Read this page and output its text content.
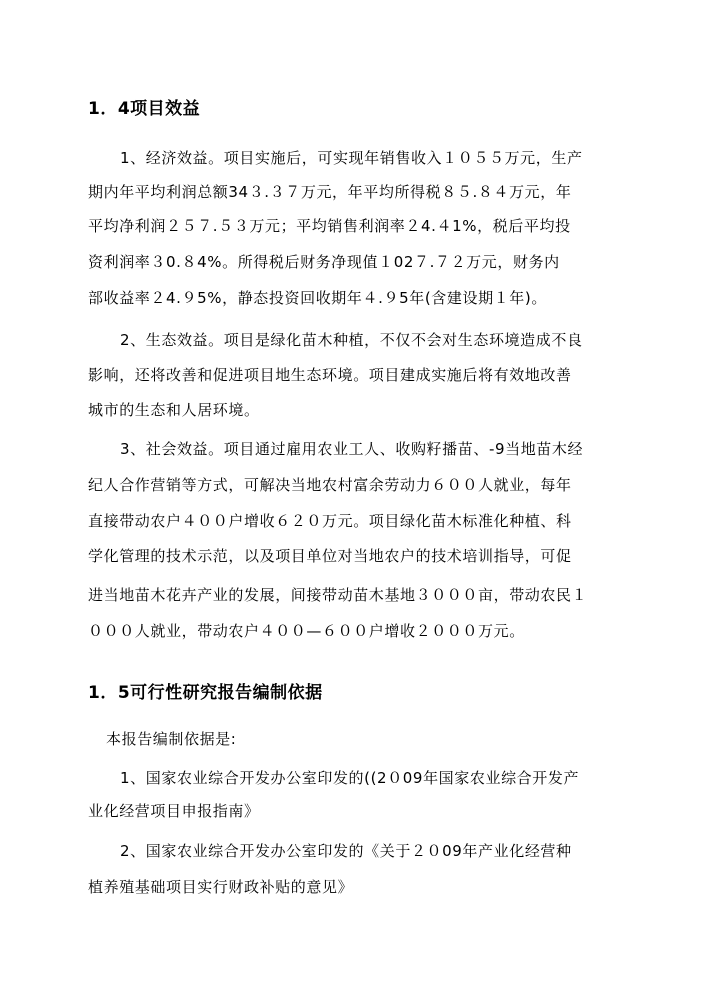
1．4项目效益

1、经济效益。项目实施后，可实现年销售收入１０５５万元，生产

期内年平均利润总额34３.３７万元，年平均所得税８５.８４万元，年

平均净利润２５７.５３万元；平均销售利润率２4.４1%，税后平均投

资利润率３0.８4%。所得税后财务净现值１02７.７２万元，财务内

部收益率２4.９5%，静态投资回收期年４.９5年(含建设期１年)。

2、生态效益。项目是绿化苗木种植，不仅不会对生态环境造成不良

影响，还将改善和促进项目地生态环境。项目建成实施后将有效地改善

城市的生态和人居环境。

3、社会效益。项目通过雇用农业工人、收购籽播苗、-9当地苗木经

纪人合作营销等方式，可解决当地农村富余劳动力６００人就业，每年

直接带动农户４００户增收６２０万元。项目绿化苗木标准化种植、科

学化管理的技术示范，以及项目单位对当地农户的技术培训指导，可促

进当地苗木花卉产业的发展，间接带动苗木基地３０００亩，带动农民１

０００人就业，带动农户４００—６００户增收２０００万元。

1．5可行性研究报告编制依据

本报告编制依据是:

1、国家农业综合开发办公室印发的((2０09年国家农业综合开发产

业化经营项目申报指南》

2、国家农业综合开发办公室印发的《关于２０09年产业化经营种

植养殖基础项目实行财政补贴的意见》
